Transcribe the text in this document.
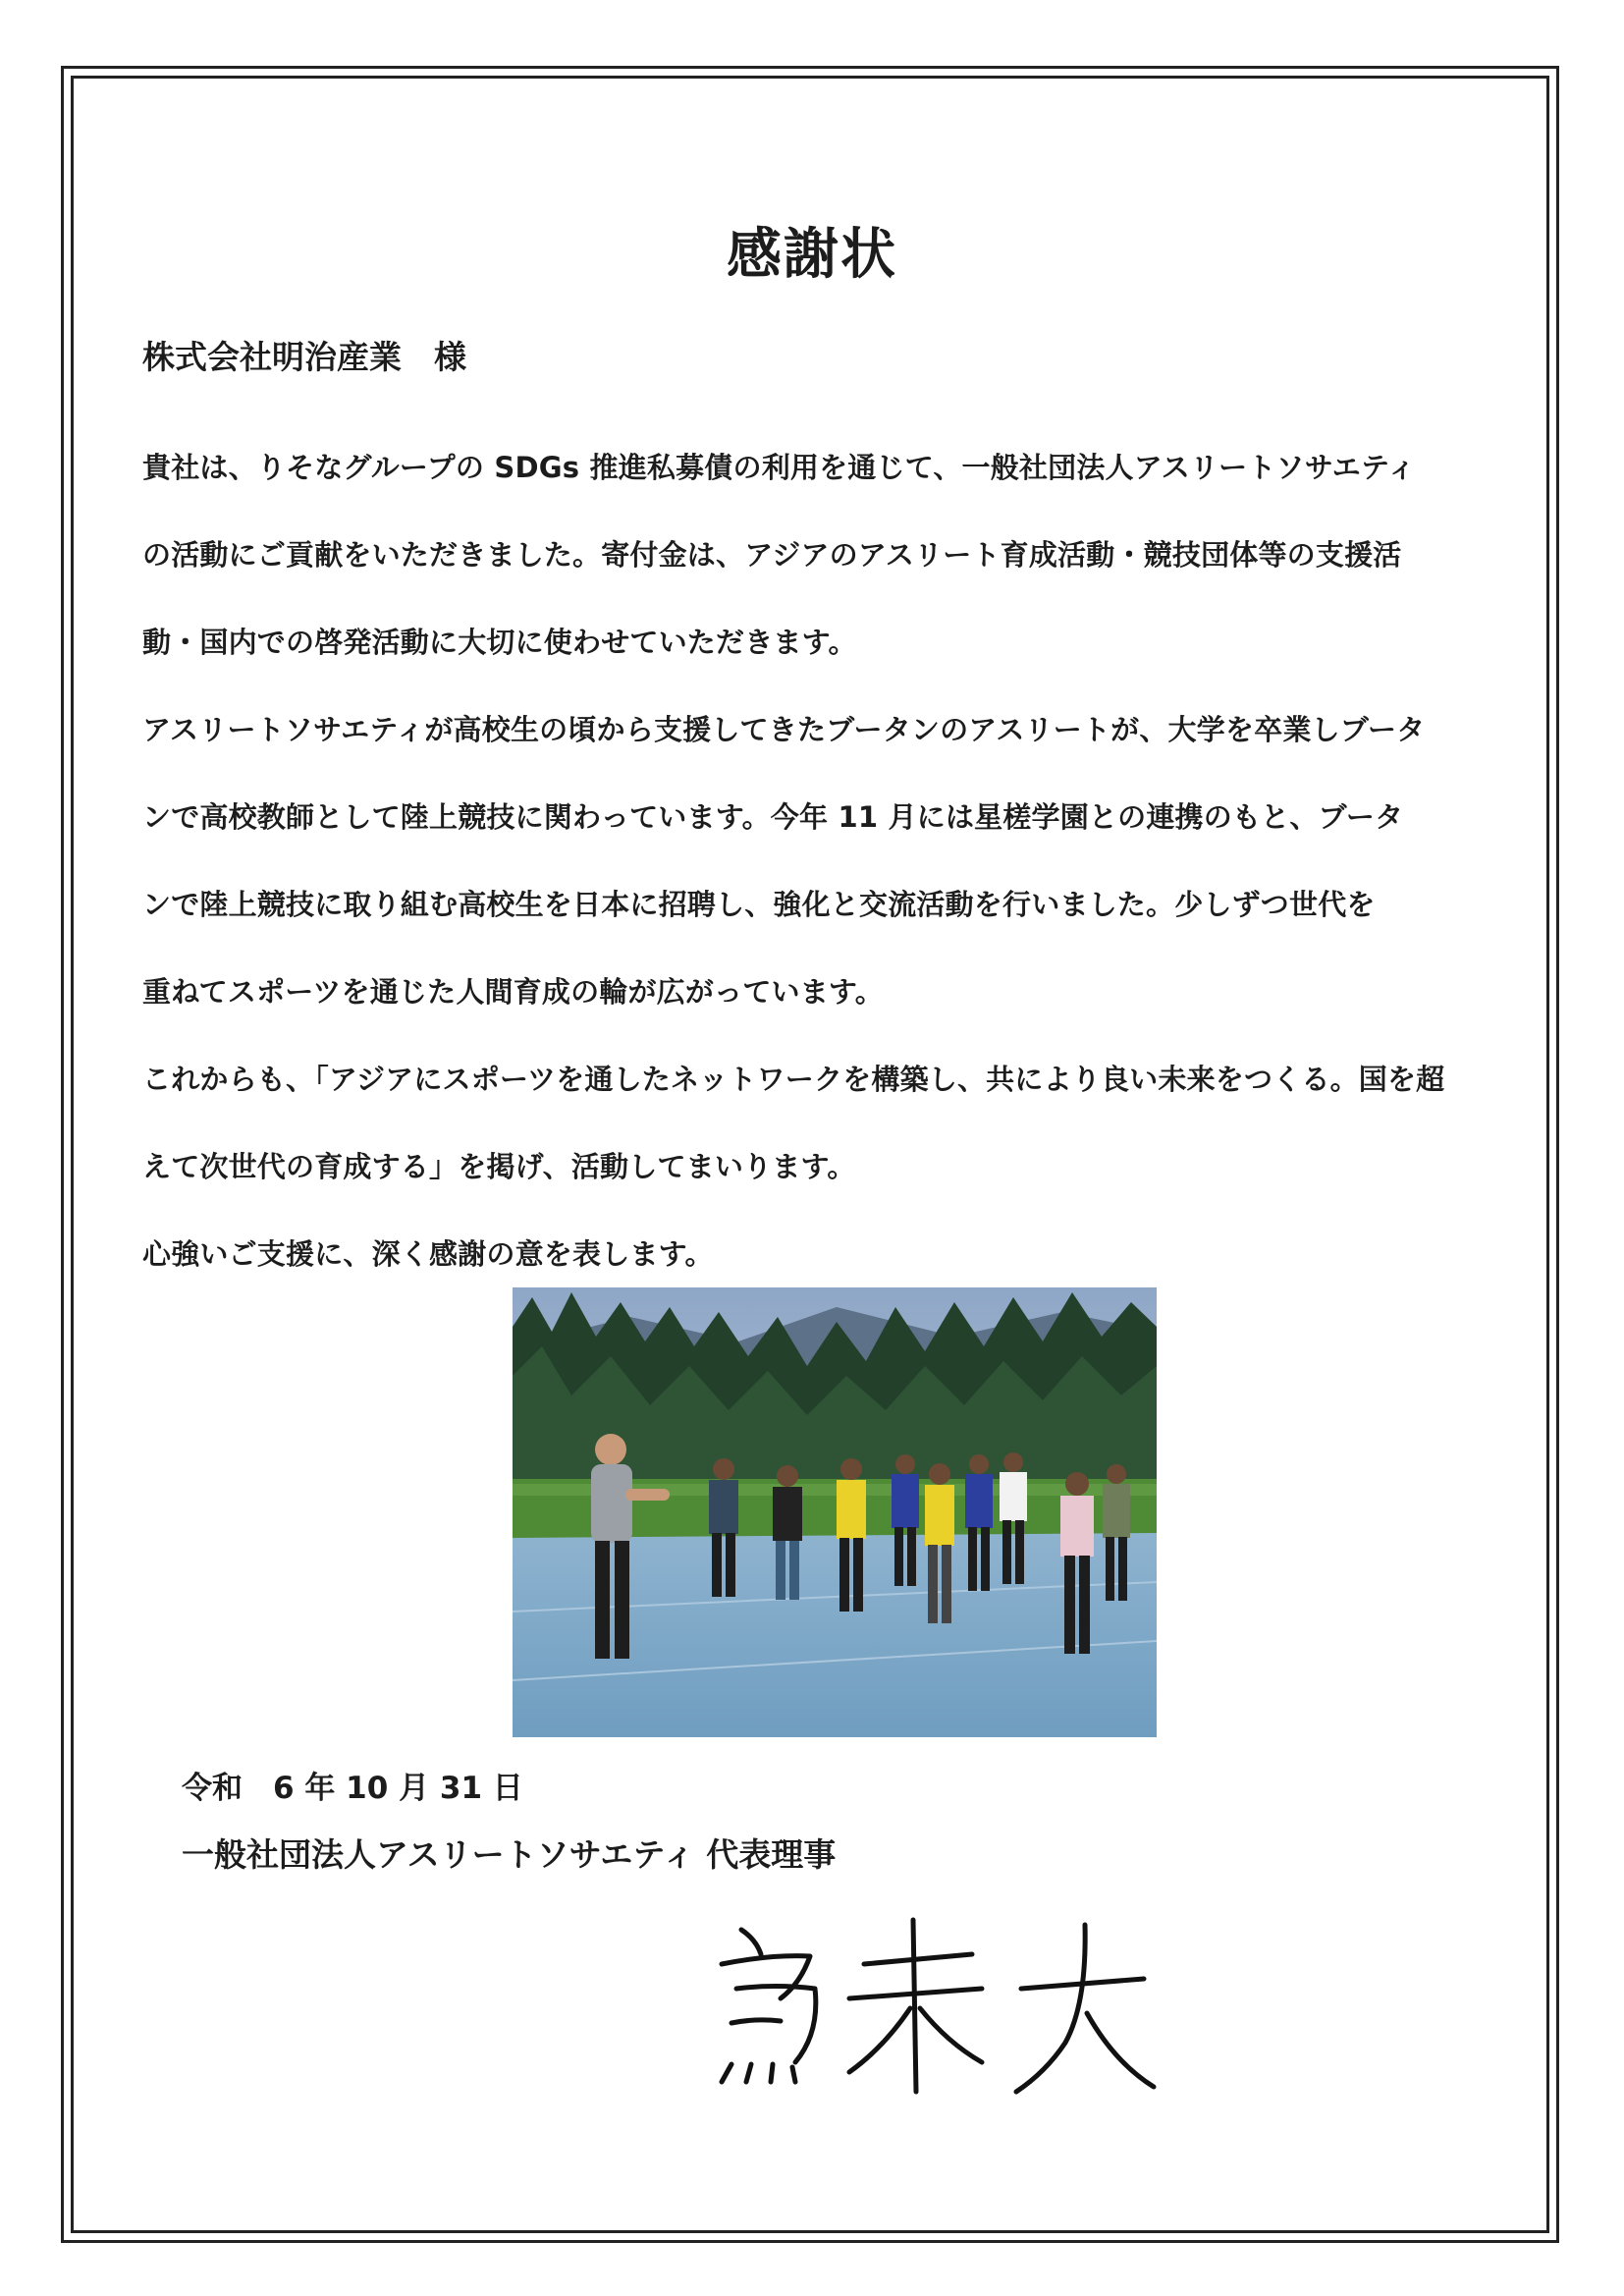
感謝状
株式会社明治産業　様

貴社は、りそなグループの SDGs 推進私募債の利用を通じて、一般社団法人アスリートソサエティ

の活動にご貢献をいただきました。寄付金は、アジアのアスリート育成活動・競技団体等の支援活

動・国内での啓発活動に大切に使わせていただきます。

アスリートソサエティが高校生の頃から支援してきたブータンのアスリートが、大学を卒業しブータ

ンで高校教師として陸上競技に関わっています。今年 11 月には星槎学園との連携のもと、ブータ

ンで陸上競技に取り組む高校生を日本に招聘し、強化と交流活動を行いました。少しずつ世代を

重ねてスポーツを通じた人間育成の輪が広がっています。

これからも、「アジアにスポーツを通したネットワークを構築し、共により良い未来をつくる。国を超

えて次世代の育成する」を掲げ、活動してまいります。

心強いご支援に、深く感謝の意を表します。

令和　6 年 10 月 31 日
一般社団法人アスリートソサエティ 代表理事
